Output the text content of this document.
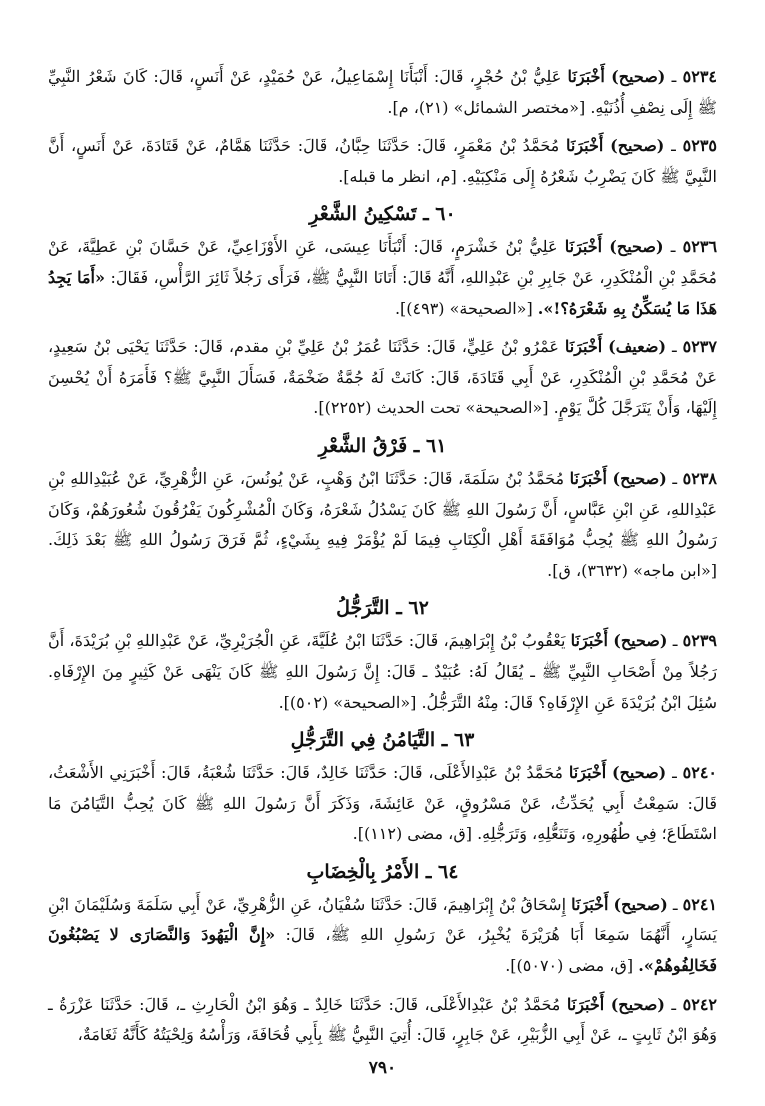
٥٢٣٤ ـ (صحيح) أَخْبَرَنَا عَلِيُّ بْنُ حُجْرٍ، قَالَ: أَنْبَأَنَا إِسْمَاعِيلُ، عَنْ حُمَيْدٍ، عَنْ أَنَسٍ، قَالَ: كَانَ شَعْرُ النَّبِيِّ ﷺ إِلَى نِصْفِ أُذُنَيْهِ. [«مختصر الشمائل» (٢١)، م].

٥٢٣٥ ـ (صحيح) أَخْبَرَنَا مُحَمَّدُ بْنُ مَعْمَرٍ، قَالَ: حَدَّثَنَا حِبَّانُ، قَالَ: حَدَّثَنَا هَمَّامٌ، عَنْ قَتَادَةَ، عَنْ أَنَسٍ، أَنَّ النَّبِيَّ ﷺ كَانَ يَضْرِبُ شَعْرُهُ إِلَى مَنْكِبَيْهِ. [م، انظر ما قبله].

٦٠ ـ تَسْكِينُ الشَّعْرِ

٥٢٣٦ ـ (صحيح) أَخْبَرَنَا عَلِيُّ بْنُ خَشْرَمٍ، قَالَ: أَنْبَأَنَا عِيسَى، عَنِ الأَوْزَاعِيِّ، عَنْ حَسَّانَ بْنِ عَطِيَّةَ، عَنْ مُحَمَّدِ بْنِ الْمُنْكَدِرِ، عَنْ جَابِرِ بْنِ عَبْدِاللهِ، أَنَّهُ قَالَ: أَتَانَا النَّبِيُّ ﷺ، فَرَأَى رَجُلاً ثَائِرَ الرَّأْسِ، فَقَالَ: «أَمَا يَجِدُ هَذَا مَا يُسَكِّنُ بِهِ شَعْرَهُ؟!». [«الصحيحة» (٤٩٣)].

٥٢٣٧ ـ (ضعيف) أَخْبَرَنَا عَمْرُو بْنُ عَلِيٍّ، قَالَ: حَدَّثَنَا عُمَرُ بْنُ عَلِيِّ بْنِ مقدم، قَالَ: حَدَّثَنَا يَحْيَى بْنُ سَعِيدٍ، عَنْ مُحَمَّدِ بْنِ الْمُنْكَدِرِ، عَنْ أَبِي قَتَادَةَ، قَالَ: كَانَتْ لَهُ جُمَّةٌ ضَخْمَةٌ، فَسَأَلَ النَّبِيَّ ﷺ؟ فَأَمَرَهُ أَنْ يُحْسِنَ إِلَيْهَا، وَأَنْ يَتَرَجَّلَ كُلَّ يَوْمٍ. [«الصحيحة» تحت الحديث (٢٢٥٢)].

٦١ ـ فَرْقُ الشَّعْرِ

٥٢٣٨ ـ (صحيح) أَخْبَرَنَا مُحَمَّدُ بْنُ سَلَمَةَ، قَالَ: حَدَّثَنَا ابْنُ وَهْبٍ، عَنْ يُونُسَ، عَنِ الزُّهْرِيِّ، عَنْ عُبَيْدِاللهِ بْنِ عَبْدِاللهِ، عَنِ ابْنِ عَبَّاسٍ، أَنَّ رَسُولَ اللهِ ﷺ كَانَ يَسْدُلُ شَعْرَهُ، وَكَانَ الْمُشْرِكُونَ يَفْرُقُونَ شُعُورَهُمْ، وَكَانَ رَسُولُ اللهِ ﷺ يُحِبُّ مُوَافَقَةَ أَهْلِ الْكِتَابِ فِيمَا لَمْ يُؤْمَرْ فِيهِ بِشَيْءٍ، ثُمَّ فَرَقَ رَسُولُ اللهِ ﷺ بَعْدَ ذَلِكَ. [«ابن ماجه» (٣٦٣٢)، ق].

٦٢ ـ التَّرَجُّلُ

٥٢٣٩ ـ (صحيح) أَخْبَرَنَا يَعْقُوبُ بْنُ إِبْرَاهِيمَ، قَالَ: حَدَّثَنَا ابْنُ عُلَيَّةَ، عَنِ الْجُرَيْرِيِّ، عَنْ عَبْدِاللهِ بْنِ بُرَيْدَةَ، أَنَّ رَجُلاً مِنْ أَصْحَابِ النَّبِيِّ ﷺ ـ يُقَالُ لَهُ: عُبَيْدٌ ـ قَالَ: إِنَّ رَسُولَ اللهِ ﷺ كَانَ يَنْهَى عَنْ كَثِيرٍ مِنَ الإِرْفَاهِ. سُئِلَ ابْنُ بُرَيْدَةَ عَنِ الإِرْفَاهِ؟ قَالَ: مِنْهُ التَّرَجُّلُ. [«الصحيحة» (٥٠٢)].

٦٣ ـ التَّيَامُنُ فِي التَّرَجُّلِ

٥٢٤٠ ـ (صحيح) أَخْبَرَنَا مُحَمَّدُ بْنُ عَبْدِالأَعْلَى، قَالَ: حَدَّثَنَا خَالِدٌ، قَالَ: حَدَّثَنَا شُعْبَةُ، قَالَ: أَخْبَرَنِي الأَشْعَثُ، قَالَ: سَمِعْتُ أَبِي يُحَدِّثُ، عَنْ مَسْرُوقٍ، عَنْ عَائِشَةَ، وَذَكَرَ أَنَّ رَسُولَ اللهِ ﷺ كَانَ يُحِبُّ التَّيَامُنَ مَا اسْتَطَاعَ؛ فِي طُهُورِهِ، وَتَنَعُّلِهِ، وَتَرَجُّلِهِ. [ق، مضى (١١٢)].

٦٤ ـ الأَمْرُ بِالْخِضَابِ

٥٢٤١ ـ (صحيح) أَخْبَرَنَا إِسْحَاقُ بْنُ إِبْرَاهِيمَ، قَالَ: حَدَّثَنَا سُفْيَانُ، عَنِ الزُّهْرِيِّ، عَنْ أَبِي سَلَمَةَ وَسُلَيْمَانَ ابْنِ يَسَارٍ، أَنَّهُمَا سَمِعَا أَبَا هُرَيْرَةَ يُخْبِرُ، عَنْ رَسُولِ اللهِ ﷺ، قَالَ: «إِنَّ الْيَهُودَ وَالنَّصَارَى لا يَصْبُغُونَ فَخَالِفُوهُمْ». [ق، مضى (٥٠٧٠)].

٥٢٤٢ ـ (صحيح) أَخْبَرَنَا مُحَمَّدُ بْنُ عَبْدِالأَعْلَى، قَالَ: حَدَّثَنَا خَالِدٌ ـ وَهُوَ ابْنُ الْحَارِثِ ـ، قَالَ: حَدَّثَنَا عَزْرَةُ ـ وَهُوَ ابْنُ ثَابِتٍ ـ، عَنْ أَبِي الزُّبَيْرِ، عَنْ جَابِرٍ، قَالَ: أُتِيَ النَّبِيُّ ﷺ بِأَبِي قُحَافَةَ، وَرَأْسُهُ وَلِحْيَتُهُ كَأَنَّهُ ثَغَامَةٌ،

٧٩٠
